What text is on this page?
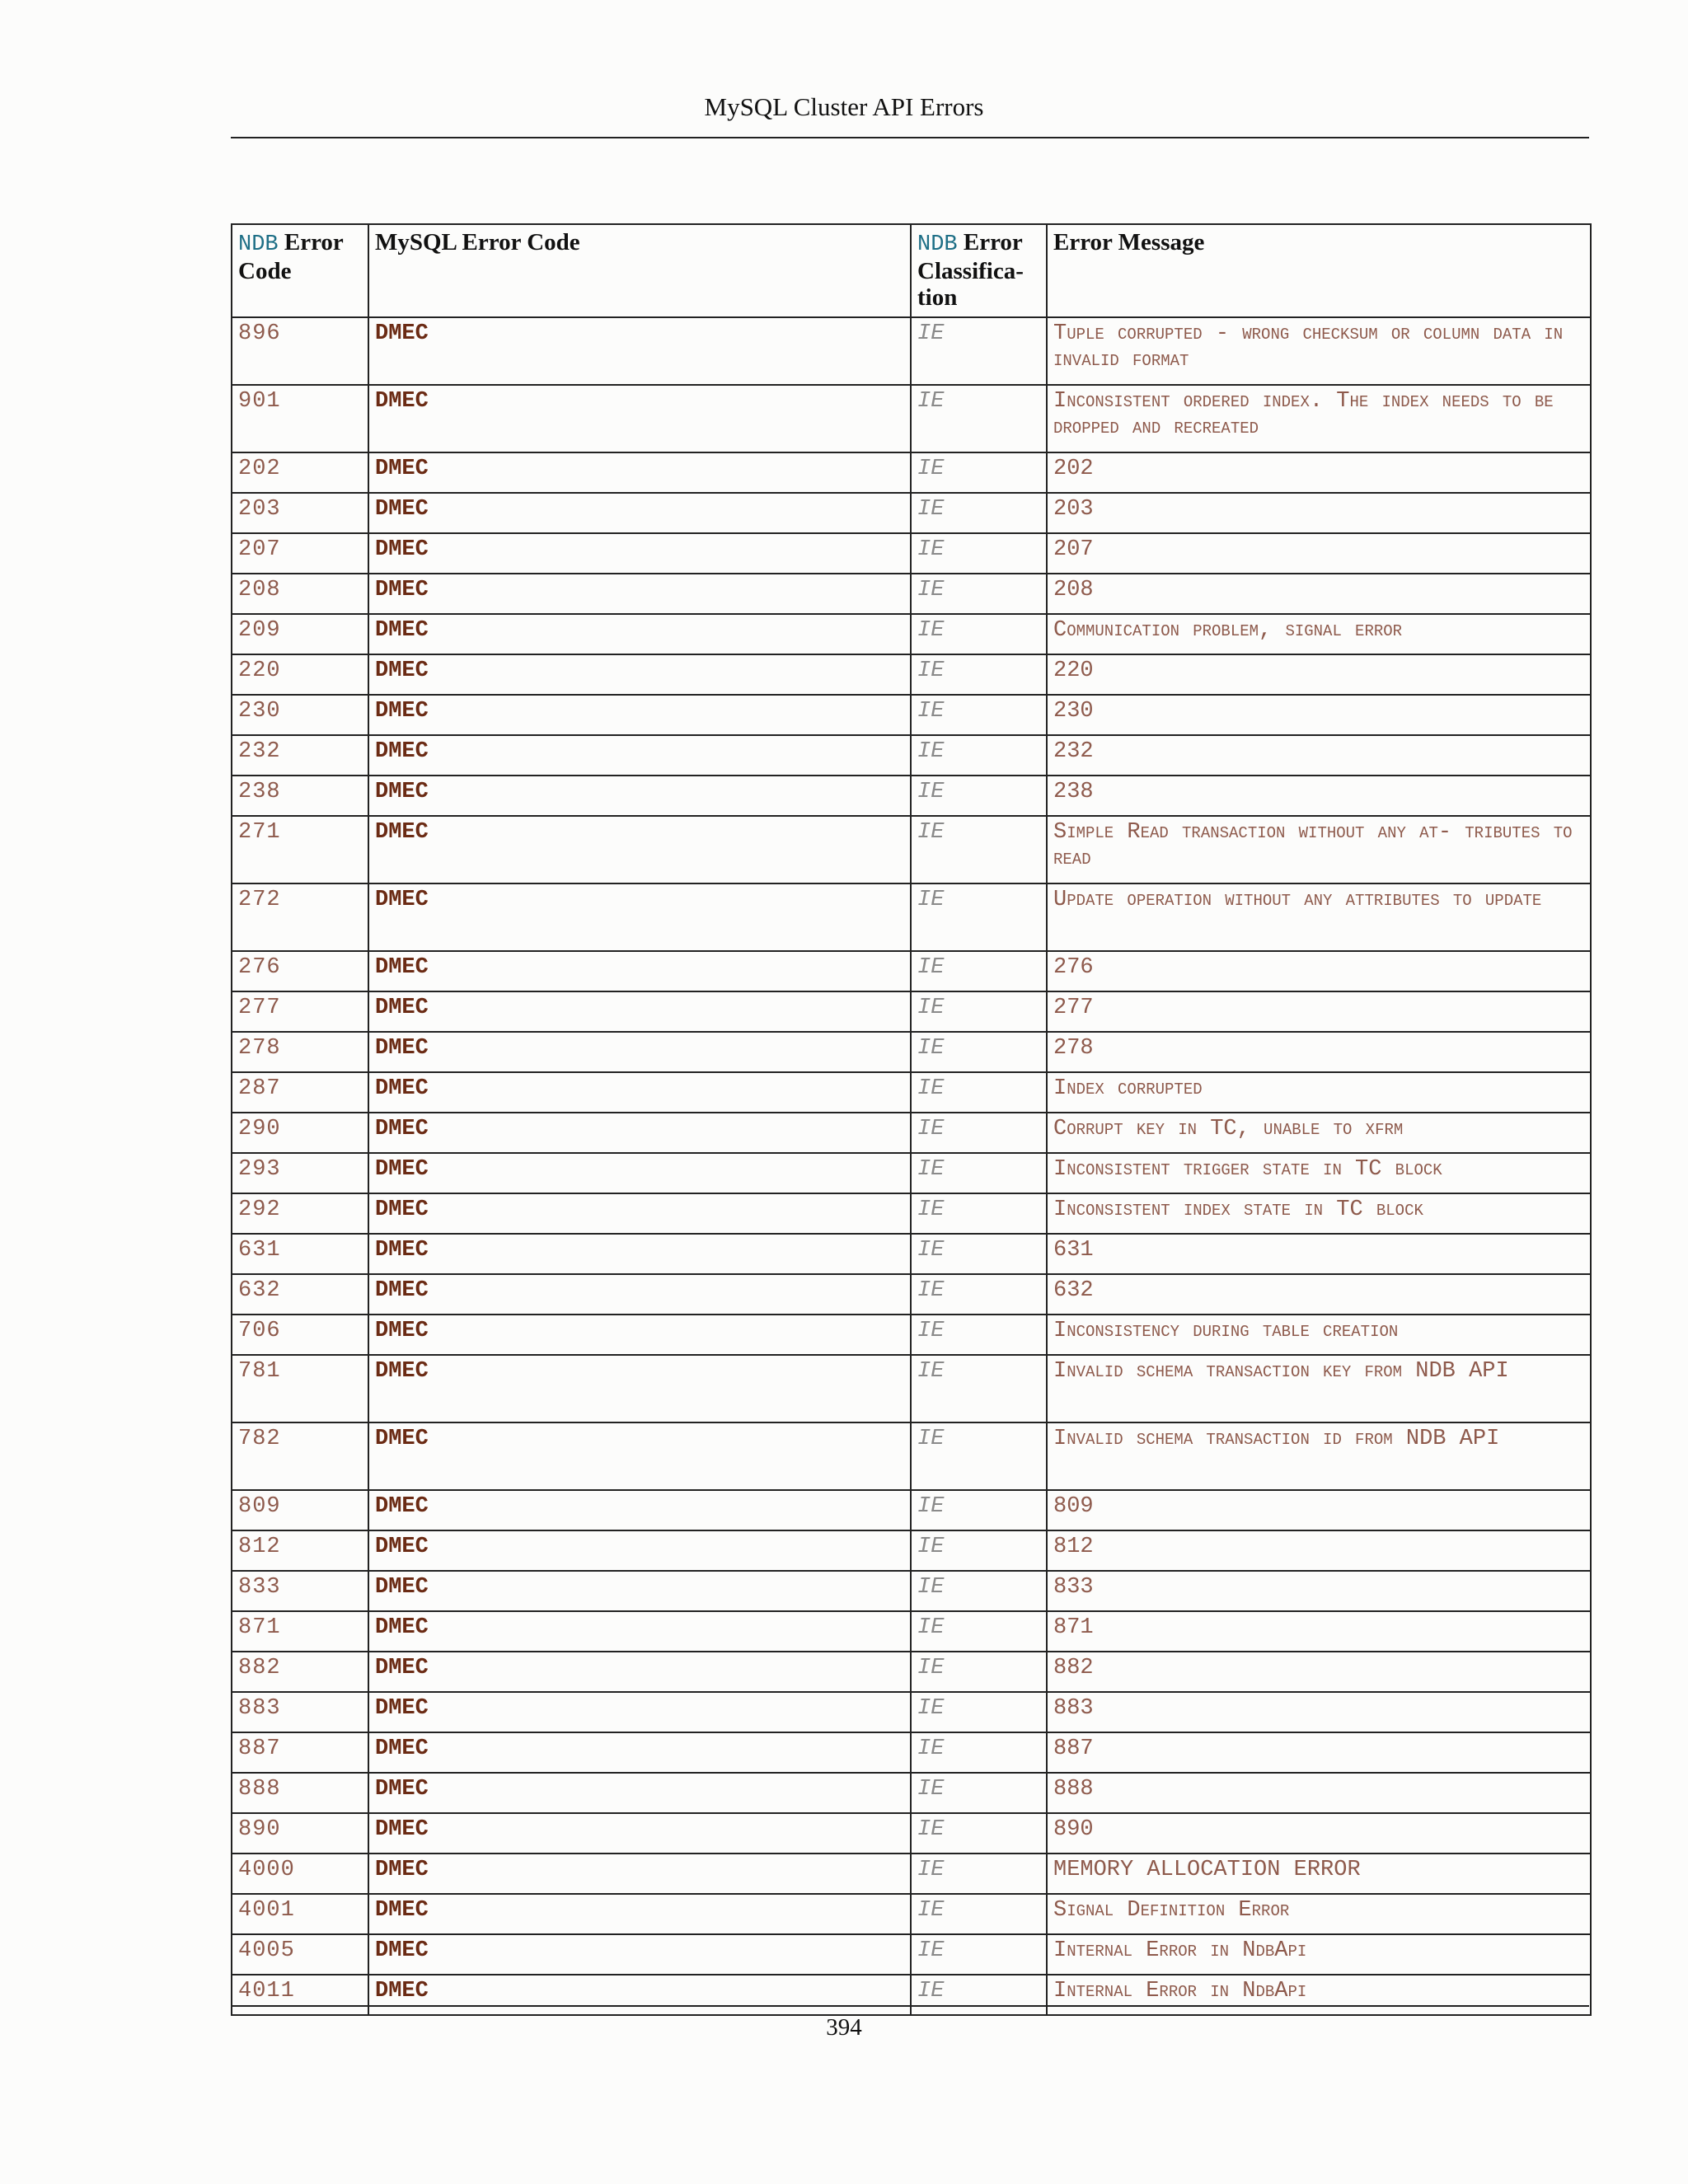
MySQL Cluster API Errors
NDB Error Code	MySQL Error Code	NDB Error Classifica- tion	Error Message
896	DMEC	IE	Tuple corrupted - wrong checksum or column data in invalid format
901	DMEC	IE	Inconsistent ordered index. The index needs to be dropped and recreated
202	DMEC	IE	202
203	DMEC	IE	203
207	DMEC	IE	207
208	DMEC	IE	208
209	DMEC	IE	Communication problem, signal error
220	DMEC	IE	220
230	DMEC	IE	230
232	DMEC	IE	232
238	DMEC	IE	238
271	DMEC	IE	Simple Read transaction without any at- tributes to read
272	DMEC	IE	Update operation without any attributes to update
276	DMEC	IE	276
277	DMEC	IE	277
278	DMEC	IE	278
287	DMEC	IE	Index corrupted
290	DMEC	IE	Corrupt key in TC, unable to xfrm
293	DMEC	IE	Inconsistent trigger state in TC block
292	DMEC	IE	Inconsistent index state in TC block
631	DMEC	IE	631
632	DMEC	IE	632
706	DMEC	IE	Inconsistency during table creation
781	DMEC	IE	Invalid schema transaction key from NDB API
782	DMEC	IE	Invalid schema transaction id from NDB API
809	DMEC	IE	809
812	DMEC	IE	812
833	DMEC	IE	833
871	DMEC	IE	871
882	DMEC	IE	882
883	DMEC	IE	883
887	DMEC	IE	887
888	DMEC	IE	888
890	DMEC	IE	890
4000	DMEC	IE	MEMORY ALLOCATION ERROR
4001	DMEC	IE	Signal Definition Error
4005	DMEC	IE	Internal Error in NdbApi
4011	DMEC	IE	Internal Error in NdbApi
394
